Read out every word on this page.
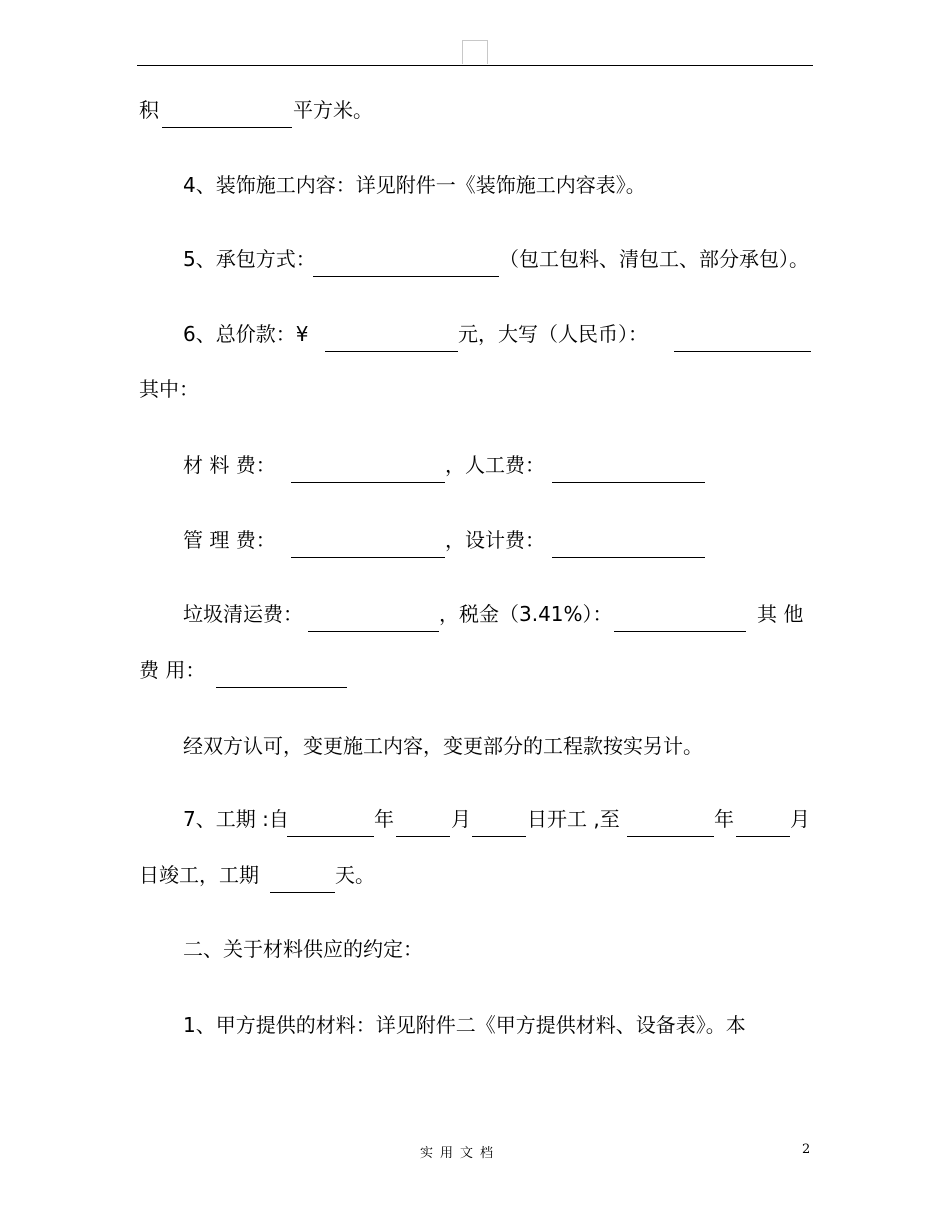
积	平方米。
4、装饰施工内容：详见附件一《装饰施工内容表》。
5、承包方式：	（包工包料、清包工、部分承包）。
6、总价款：¥	元，大写（人民币）：
其中：
材 料 费：	，人工费：
管 理 费：	，设计费：
垃圾清运费：	，税金（3.41%）：	其 他
费 用：
经双方认可，变更施工内容，变更部分的工程款按实另计。
7、工期 :自	年	月	日开工 ,至	年	月
日竣工，工期	天。
二、关于材料供应的约定：
1、甲方提供的材料：详见附件二《甲方提供材料、设备表》。本
实用文档	2
